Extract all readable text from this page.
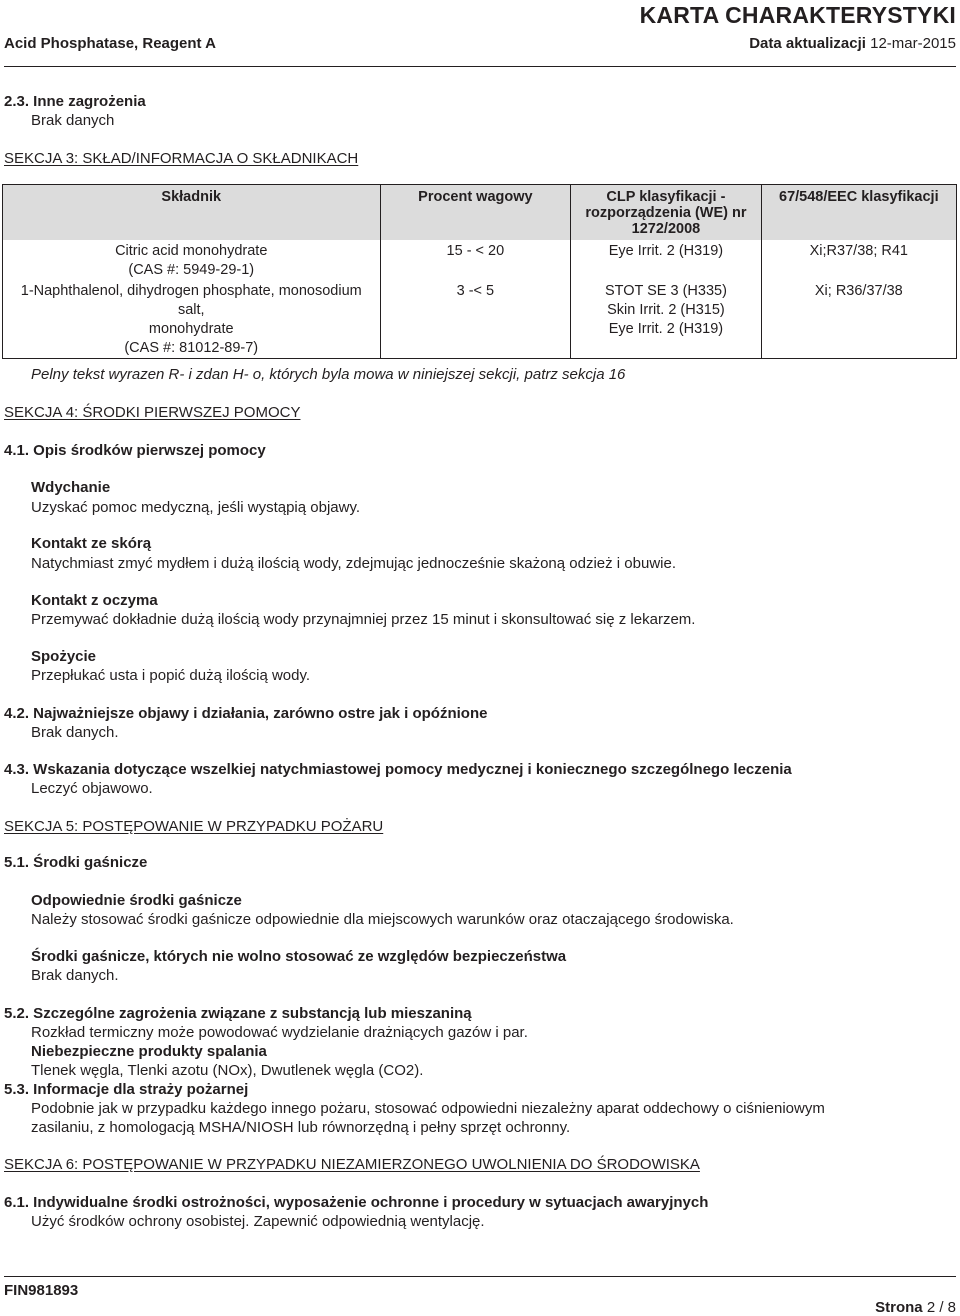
KARTA CHARAKTERYSTYKI
Acid Phosphatase, Reagent A	Data aktualizacji 12-mar-2015
2.3. Inne zagrożenia
Brak danych
SEKCJA 3: SKŁAD/INFORMACJA O SKŁADNIKACH
Składnik	Procent wagowy	CLP klasyfikacji -
rozporządzenia (WE) nr
1272/2008	67/548/EEC klasyfikacji

Citric acid monohydrate
(CAS #: 5949-29-1)	15 - < 20	Eye Irrit. 2 (H319)	Xi;R37/38; R41

1-Naphthalenol, dihydrogen phosphate, monosodium salt,
monohydrate
(CAS #: 81012-89-7)	3 -< 5	STOT SE 3 (H335)
Skin Irrit. 2 (H315)
Eye Irrit. 2 (H319)	Xi; R36/37/38
Pelny tekst wyrazen R- i zdan H- o, których byla mowa w niniejszej sekcji, patrz sekcja 16
SEKCJA 4: ŚRODKI PIERWSZEJ POMOCY
4.1. Opis środków pierwszej pomocy
Wdychanie
Uzyskać pomoc medyczną, jeśli wystąpią objawy.
Kontakt ze skórą
Natychmiast zmyć mydłem i dużą ilością wody, zdejmując jednocześnie skażoną odzież i obuwie.
Kontakt z oczyma
Przemywać dokładnie dużą ilością wody przynajmniej przez 15 minut i skonsultować się z lekarzem.
Spożycie
Przepłukać usta i popić dużą ilością wody.
4.2. Najważniejsze objawy i działania, zarówno ostre jak i opóźnione
Brak danych.
4.3. Wskazania dotyczące wszelkiej natychmiastowej pomocy medycznej i koniecznego szczególnego leczenia
Leczyć objawowo.
SEKCJA 5: POSTĘPOWANIE W PRZYPADKU POŻARU
5.1. Środki gaśnicze
Odpowiednie środki gaśnicze
Należy stosować środki gaśnicze odpowiednie dla miejscowych warunków oraz otaczającego środowiska.
Środki gaśnicze, których nie wolno stosować ze względów bezpieczeństwa
Brak danych.
5.2. Szczególne zagrożenia związane z substancją lub mieszaniną
Rozkład termiczny może powodować wydzielanie drażniących gazów i par.
Niebezpieczne produkty spalania
Tlenek węgla, Tlenki azotu (NOx), Dwutlenek węgla (CO2).
5.3. Informacje dla straży pożarnej
Podobnie jak w przypadku każdego innego pożaru, stosować odpowiedni niezależny aparat oddechowy o ciśnieniowym
zasilaniu, z homologacją MSHA/NIOSH lub równorzędną i pełny sprzęt ochronny.
SEKCJA 6: POSTĘPOWANIE W PRZYPADKU NIEZAMIERZONEGO UWOLNIENIA DO ŚRODOWISKA
6.1. Indywidualne środki ostrożności, wyposażenie ochronne i procedury w sytuacjach awaryjnych
Użyć środków ochrony osobistej. Zapewnić odpowiednią wentylację.
FIN981893
Strona 2 / 8
